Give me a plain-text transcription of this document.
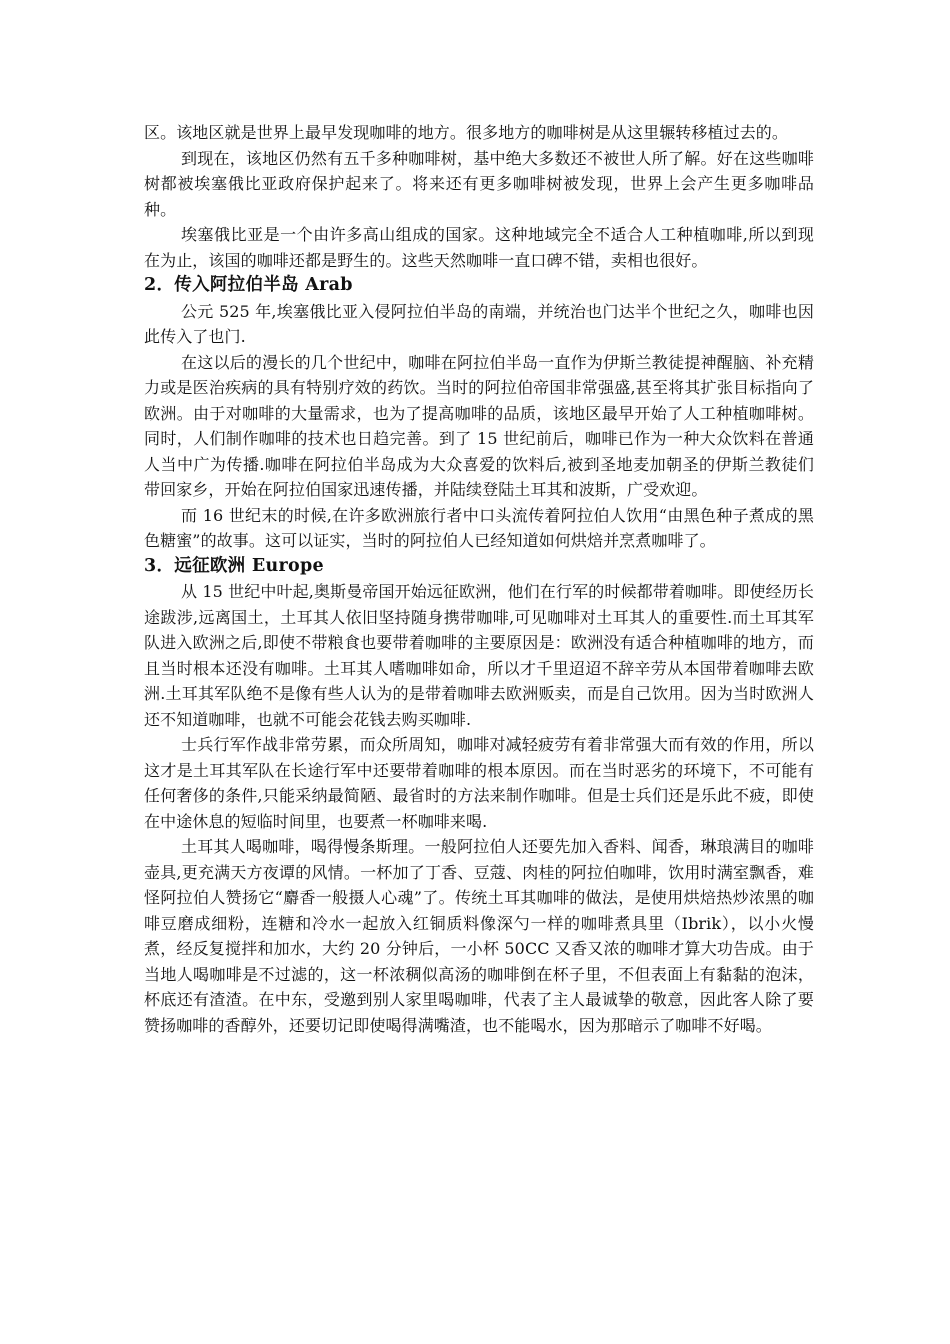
区。该地区就是世界上最早发现咖啡的地方。很多地方的咖啡树是从这里辗转移植过去的。

到现在，该地区仍然有五千多种咖啡树，基中绝大多数还不被世人所了解。好在这些咖啡树都被埃塞俄比亚政府保护起来了。将来还有更多咖啡树被发现，世界上会产生更多咖啡品种。

埃塞俄比亚是一个由许多高山组成的国家。这种地域完全不适合人工种植咖啡,所以到现在为止，该国的咖啡还都是野生的。这些天然咖啡一直口碑不错，卖相也很好。

2．传入阿拉伯半岛 Arab

公元 525 年,埃塞俄比亚入侵阿拉伯半岛的南端，并统治也门达半个世纪之久，咖啡也因此传入了也门.

在这以后的漫长的几个世纪中，咖啡在阿拉伯半岛一直作为伊斯兰教徒提神醒脑、补充精力或是医治疾病的具有特别疗效的药饮。当时的阿拉伯帝国非常强盛,甚至将其扩张目标指向了欧洲。由于对咖啡的大量需求，也为了提高咖啡的品质，该地区最早开始了人工种植咖啡树。同时，人们制作咖啡的技术也日趋完善。到了 15 世纪前后，咖啡已作为一种大众饮料在普通人当中广为传播.咖啡在阿拉伯半岛成为大众喜爱的饮料后,被到圣地麦加朝圣的伊斯兰教徒们带回家乡，开始在阿拉伯国家迅速传播，并陆续登陆土耳其和波斯，广受欢迎。

而 16 世纪末的时候,在许多欧洲旅行者中口头流传着阿拉伯人饮用“由黑色种子煮成的黑色糖蜜”的故事。这可以证实，当时的阿拉伯人已经知道如何烘焙并烹煮咖啡了。

3．远征欧洲 Europe

从 15 世纪中叶起,奥斯曼帝国开始远征欧洲，他们在行军的时候都带着咖啡。即使经历长途跋涉,远离国土，土耳其人依旧坚持随身携带咖啡,可见咖啡对土耳其人的重要性.而土耳其军队进入欧洲之后,即使不带粮食也要带着咖啡的主要原因是：欧洲没有适合种植咖啡的地方，而且当时根本还没有咖啡。土耳其人嗜咖啡如命，所以才千里迢迢不辞辛劳从本国带着咖啡去欧洲.土耳其军队绝不是像有些人认为的是带着咖啡去欧洲贩卖，而是自己饮用。因为当时欧洲人还不知道咖啡，也就不可能会花钱去购买咖啡.

士兵行军作战非常劳累，而众所周知，咖啡对减轻疲劳有着非常强大而有效的作用，所以这才是土耳其军队在长途行军中还要带着咖啡的根本原因。而在当时恶劣的环境下，不可能有任何奢侈的条件,只能采纳最简陋、最省时的方法来制作咖啡。但是士兵们还是乐此不疲，即使在中途休息的短临时间里，也要煮一杯咖啡来喝.

土耳其人喝咖啡，喝得慢条斯理。一般阿拉伯人还要先加入香料、闻香，琳琅满目的咖啡壶具,更充满天方夜谭的风情。一杯加了丁香、豆蔻、肉桂的阿拉伯咖啡，饮用时满室飘香，难怪阿拉伯人赞扬它“麝香一般摄人心魂”了。传统土耳其咖啡的做法，是使用烘焙热炒浓黑的咖啡豆磨成细粉，连糖和冷水一起放入红铜质料像深勺一样的咖啡煮具里（Ibrik），以小火慢煮，经反复搅拌和加水，大约 20 分钟后，一小杯 50CC 又香又浓的咖啡才算大功告成。由于当地人喝咖啡是不过滤的，这一杯浓稠似高汤的咖啡倒在杯子里，不但表面上有黏黏的泡沫，杯底还有渣渣。在中东，受邀到别人家里喝咖啡，代表了主人最诚挚的敬意，因此客人除了要赞扬咖啡的香醇外，还要切记即使喝得满嘴渣，也不能喝水，因为那暗示了咖啡不好喝。
